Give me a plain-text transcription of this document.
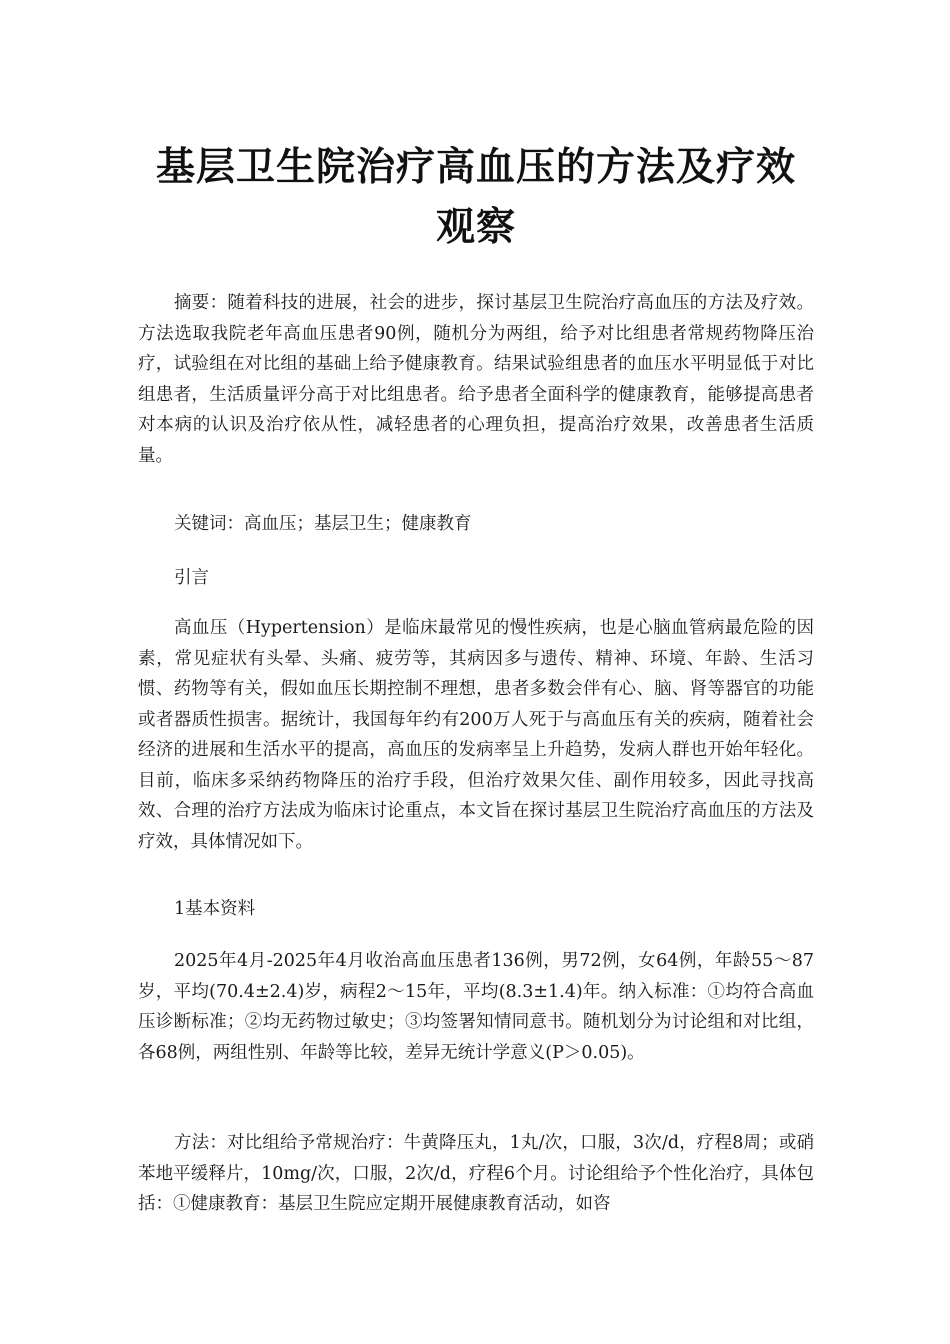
基层卫生院治疗高血压的方法及疗效观察

摘要：随着科技的进展，社会的进步，探讨基层卫生院治疗高血压的方法及疗效。方法选取我院老年高血压患者90例，随机分为两组，给予对比组患者常规药物降压治疗，试验组在对比组的基础上给予健康教育。结果试验组患者的血压水平明显低于对比组患者，生活质量评分高于对比组患者。给予患者全面科学的健康教育，能够提高患者对本病的认识及治疗依从性，减轻患者的心理负担，提高治疗效果，改善患者生活质量。

关键词：高血压；基层卫生；健康教育

引言

高血压（Hypertension）是临床最常见的慢性疾病，也是心脑血管病最危险的因素，常见症状有头晕、头痛、疲劳等，其病因多与遗传、精神、环境、年龄、生活习惯、药物等有关，假如血压长期控制不理想，患者多数会伴有心、脑、肾等器官的功能或者器质性损害。据统计，我国每年约有200万人死于与高血压有关的疾病，随着社会经济的进展和生活水平的提高，高血压的发病率呈上升趋势，发病人群也开始年轻化。目前，临床多采纳药物降压的治疗手段，但治疗效果欠佳、副作用较多，因此寻找高效、合理的治疗方法成为临床讨论重点，本文旨在探讨基层卫生院治疗高血压的方法及疗效，具体情况如下。

1基本资料

2025年4月-2025年4月收治高血压患者136例，男72例，女64例，年龄55～87岁，平均(70.4±2.4)岁，病程2～15年，平均(8.3±1.4)年。纳入标准：①均符合高血压诊断标准；②均无药物过敏史；③均签署知情同意书。随机划分为讨论组和对比组，各68例，两组性别、年龄等比较，差异无统计学意义(P＞0.05)。

方法：对比组给予常规治疗：牛黄降压丸，1丸/次，口服，3次/d，疗程8周；或硝苯地平缓释片，10mg/次，口服，2次/d，疗程6个月。讨论组给予个性化治疗，具体包括：①健康教育：基层卫生院应定期开展健康教育活动，如咨
